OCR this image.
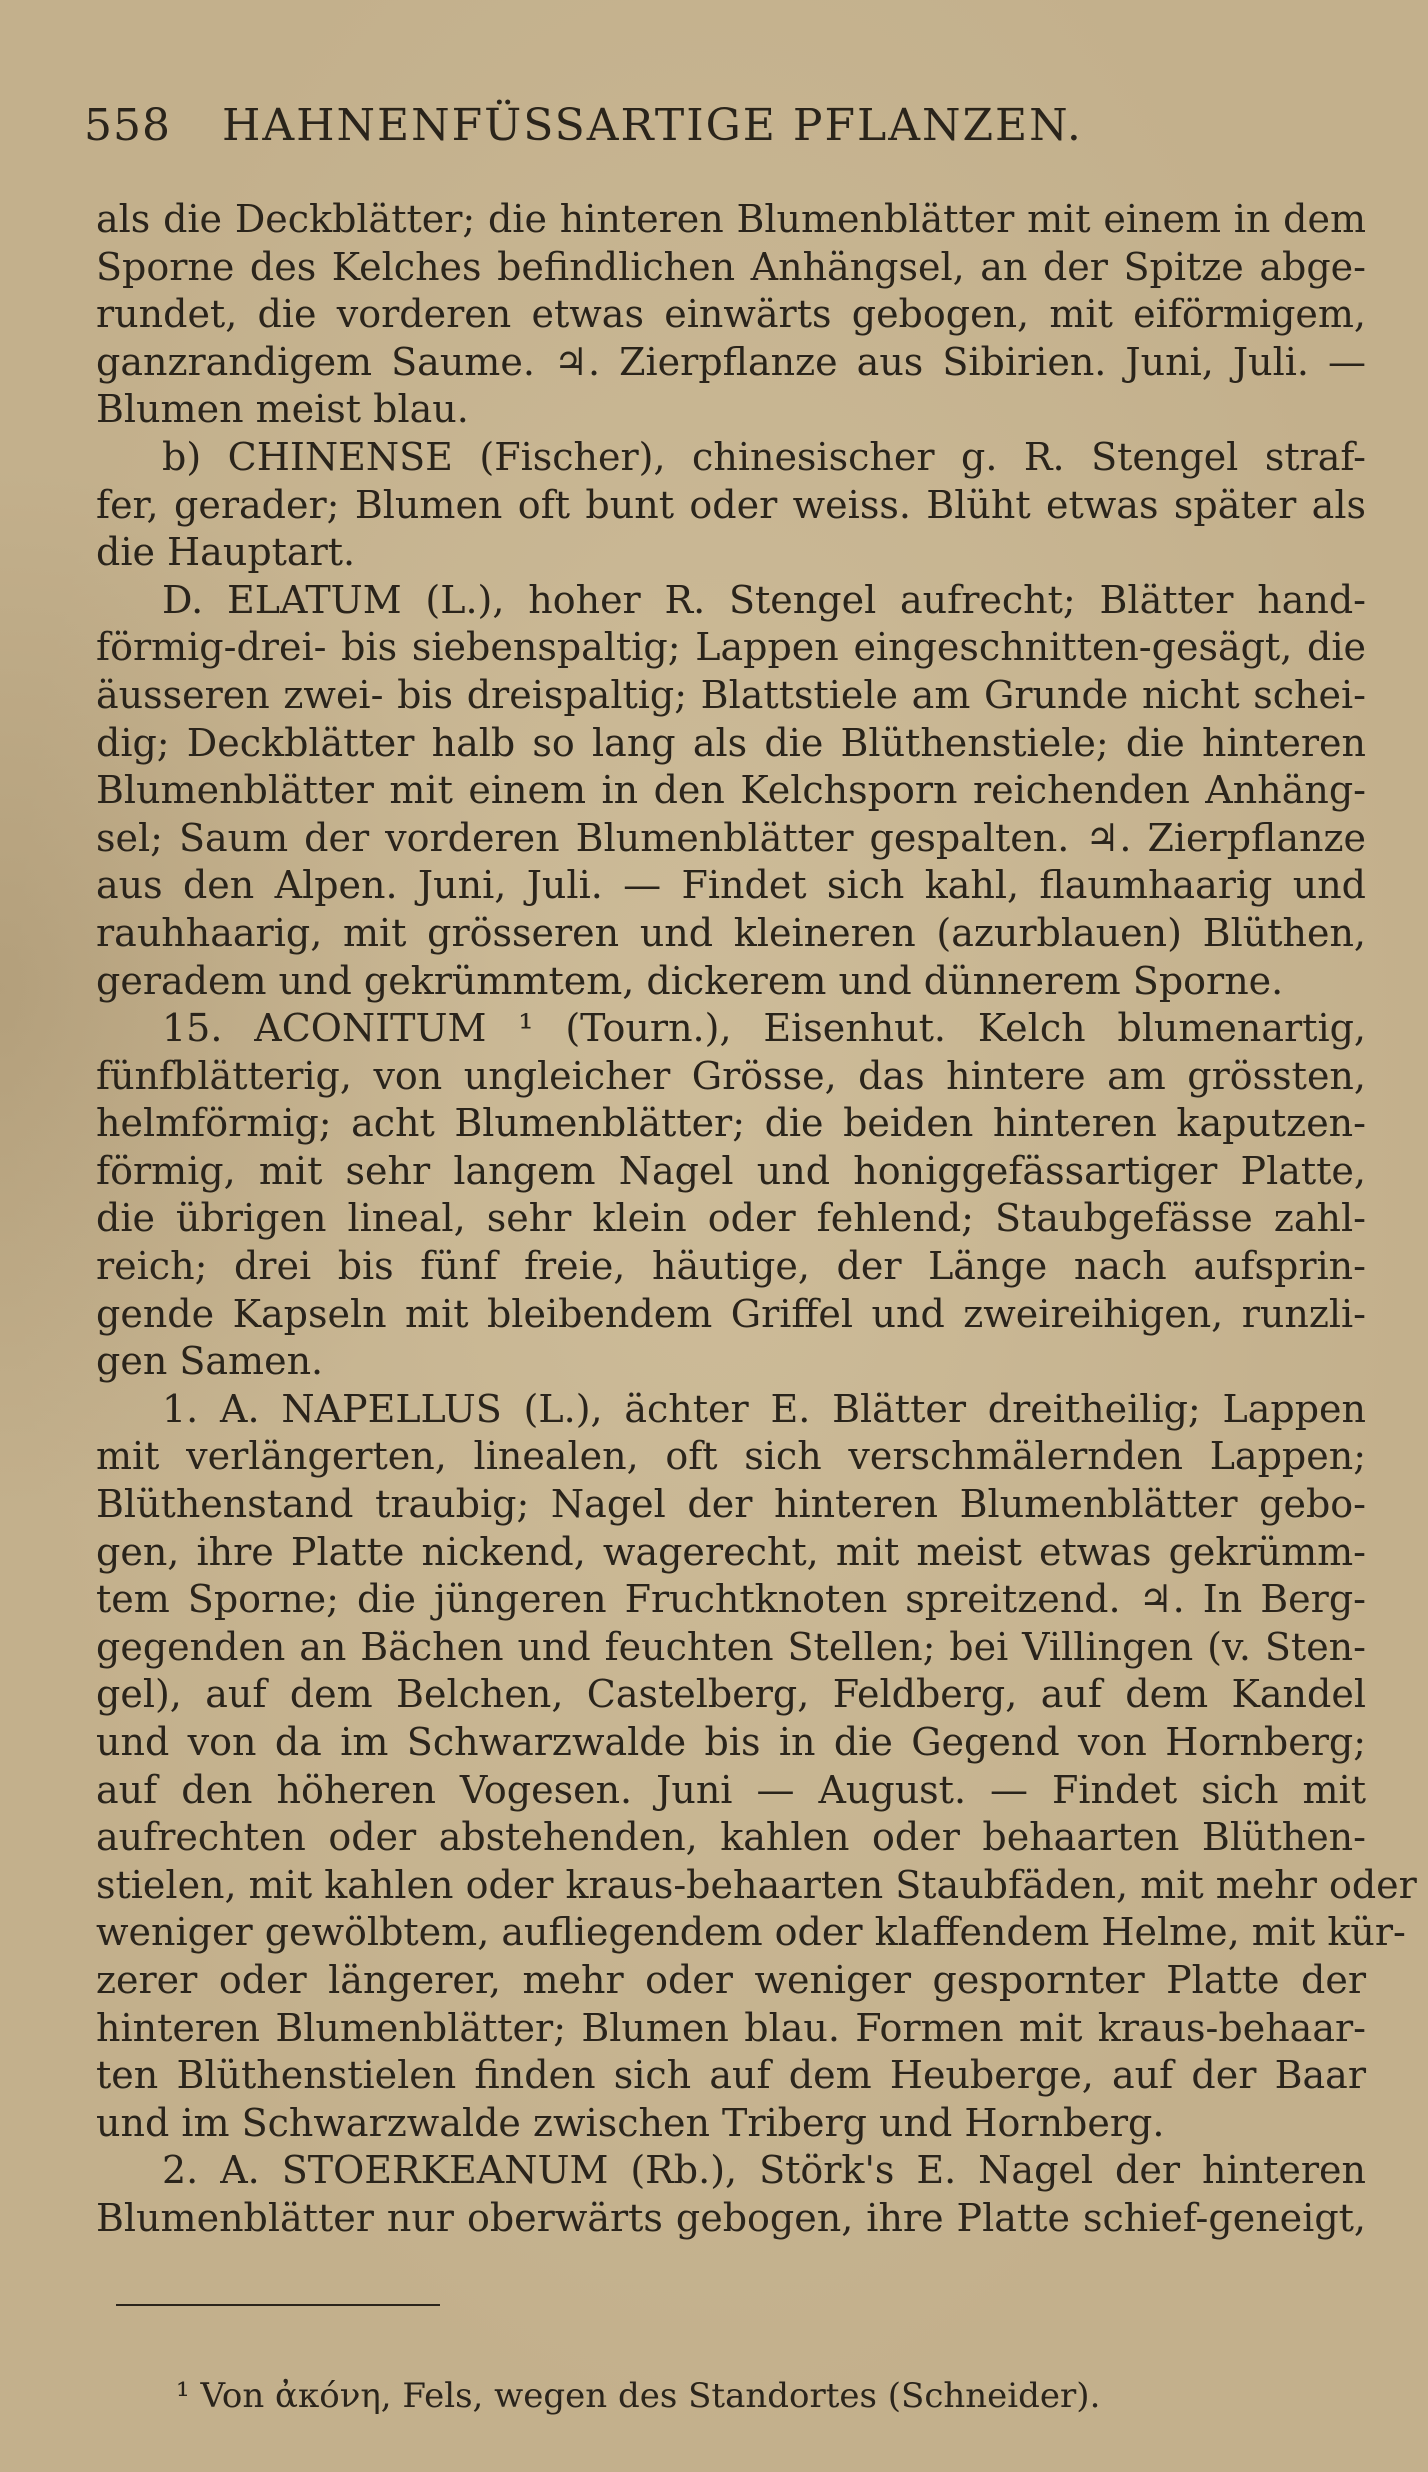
558 HAHNENFÜSSARTIGE PFLANZEN.
als die Deckblätter; die hinteren Blumenblätter mit einem in dem
Sporne des Kelches befindlichen Anhängsel, an der Spitze abge-
rundet, die vorderen etwas einwärts gebogen, mit eiförmigem,
ganzrandigem Saume. ♃. Zierpflanze aus Sibirien. Juni, Juli. —
Blumen meist blau.
b) CHINENSE (Fischer), chinesischer g. R. Stengel straf-
fer, gerader; Blumen oft bunt oder weiss. Blüht etwas später als
die Hauptart.
D. ELATUM (L.), hoher R. Stengel aufrecht; Blätter hand-
förmig-drei- bis siebenspaltig; Lappen eingeschnitten-gesägt, die
äusseren zwei- bis dreispaltig; Blattstiele am Grunde nicht schei-
dig; Deckblätter halb so lang als die Blüthenstiele; die hinteren
Blumenblätter mit einem in den Kelchsporn reichenden Anhäng-
sel; Saum der vorderen Blumenblätter gespalten. ♃. Zierpflanze
aus den Alpen. Juni, Juli. — Findet sich kahl, flaumhaarig und
rauhhaarig, mit grösseren und kleineren (azurblauen) Blüthen,
geradem und gekrümmtem, dickerem und dünnerem Sporne.
15. ACONITUM ¹ (Tourn.), Eisenhut. Kelch blumenartig,
fünfblätterig, von ungleicher Grösse, das hintere am grössten,
helmförmig; acht Blumenblätter; die beiden hinteren kaputzen-
förmig, mit sehr langem Nagel und honiggefässartiger Platte,
die übrigen lineal, sehr klein oder fehlend; Staubgefässe zahl-
reich; drei bis fünf freie, häutige, der Länge nach aufsprin-
gende Kapseln mit bleibendem Griffel und zweireihigen, runzli-
gen Samen.
1. A. NAPELLUS (L.), ächter E. Blätter dreitheilig; Lappen
mit verlängerten, linealen, oft sich verschmälernden Lappen;
Blüthenstand traubig; Nagel der hinteren Blumenblätter gebo-
gen, ihre Platte nickend, wagerecht, mit meist etwas gekrümm-
tem Sporne; die jüngeren Fruchtknoten spreitzend. ♃. In Berg-
gegenden an Bächen und feuchten Stellen; bei Villingen (v. Sten-
gel), auf dem Belchen, Castelberg, Feldberg, auf dem Kandel
und von da im Schwarzwalde bis in die Gegend von Hornberg;
auf den höheren Vogesen. Juni — August. — Findet sich mit
aufrechten oder abstehenden, kahlen oder behaarten Blüthen-
stielen, mit kahlen oder kraus-behaarten Staubfäden, mit mehr oder
weniger gewölbtem, aufliegendem oder klaffendem Helme, mit kür-
zerer oder längerer, mehr oder weniger gespornter Platte der
hinteren Blumenblätter; Blumen blau. Formen mit kraus-behaar-
ten Blüthenstielen finden sich auf dem Heuberge, auf der Baar
und im Schwarzwalde zwischen Triberg und Hornberg.
2. A. STOERKEANUM (Rb.), Störk's E. Nagel der hinteren
Blumenblätter nur oberwärts gebogen, ihre Platte schief-geneigt,
¹ Von ἀκόνη, Fels, wegen des Standortes (Schneider).
